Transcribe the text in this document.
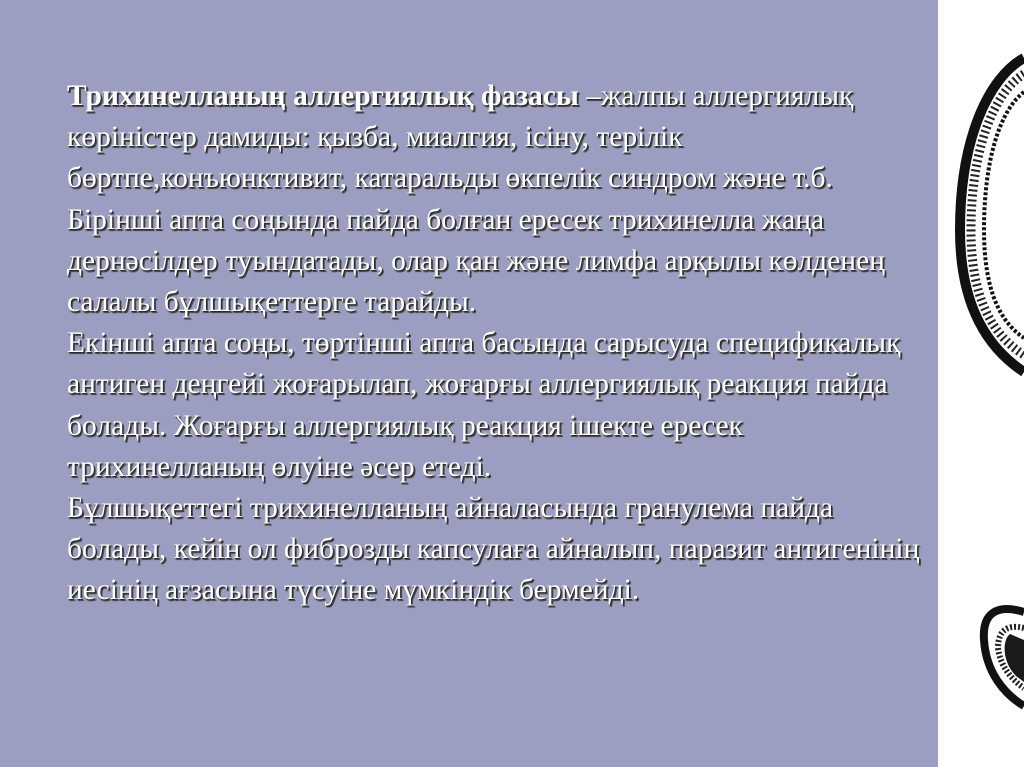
Трихинелланың аллергиялық фазасы –жалпы аллергиялық көріністер дамиды: қызба, миалгия, ісіну, терілік бөртпе,конъюнктивит, катаральды өкпелік синдром және т.б.

Бірінші апта соңында пайда болған ересек трихинелла жаңа дернәсілдер туындатады, олар қан және лимфа арқылы көлденең салалы бұлшықеттерге тарайды.

Екінші апта соңы, төртінші апта басында сарысуда спецификалық антиген деңгейі жоғарылап, жоғарғы аллергиялық реакция пайда болады. Жоғарғы аллергиялық реакция ішекте ересек трихинелланың өлуіне әсер етеді.

Бұлшықеттегі трихинелланың айналасында гранулема пайда болады, кейін ол фиброзды капсулаға айналып, паразит антигенінің иесінің ағзасына түсуіне мүмкіндік бермейді.
